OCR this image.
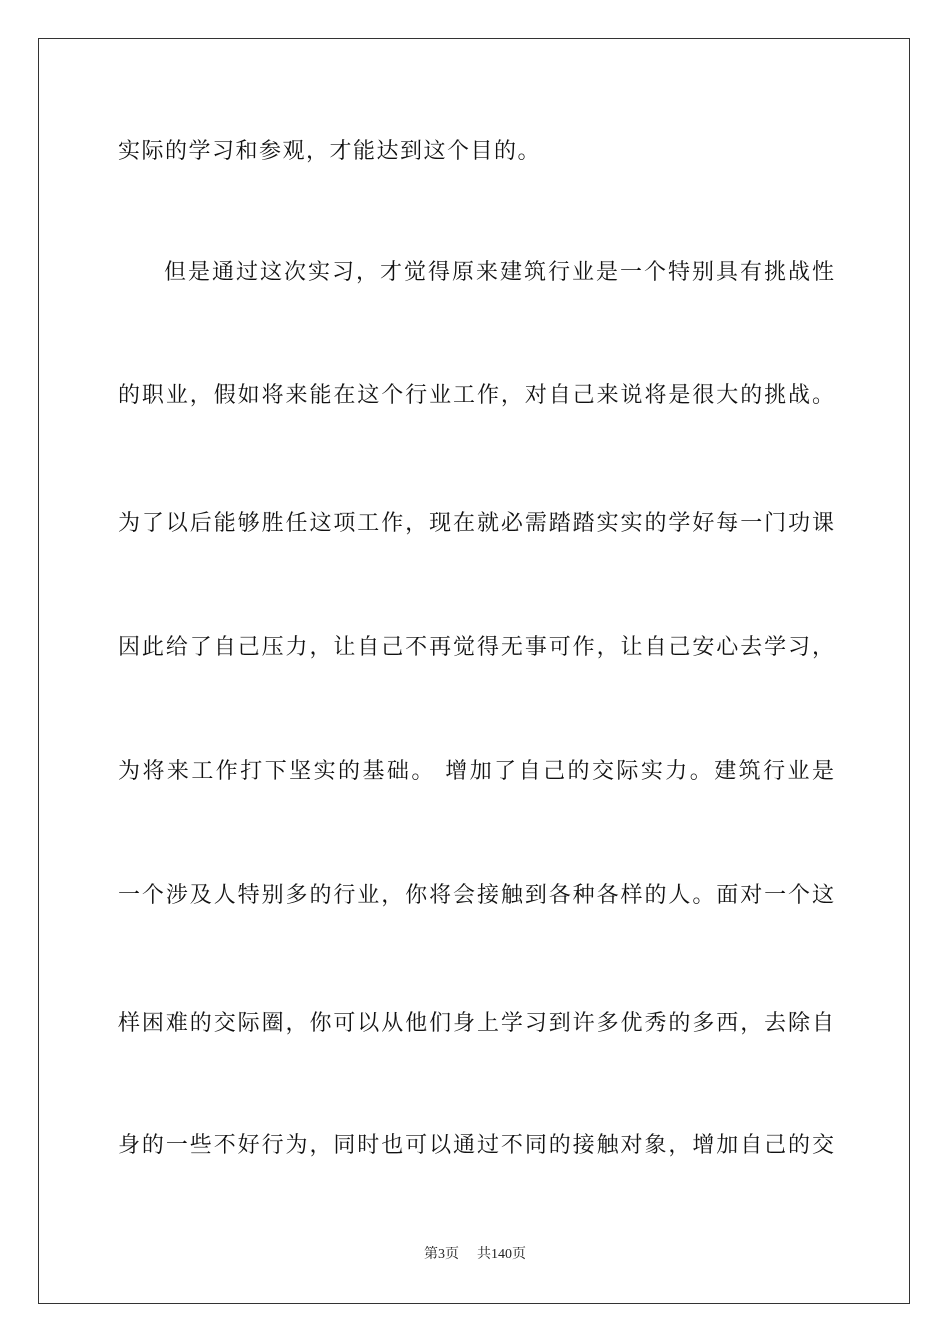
实际的学习和参观，才能达到这个目的。
但是通过这次实习，才觉得原来建筑行业是一个特别具有挑战性
的职业，假如将来能在这个行业工作，对自己来说将是很大的挑战。
为了以后能够胜任这项工作，现在就必需踏踏实实的学好每一门功课
因此给了自己压力，让自己不再觉得无事可作，让自己安心去学习，
为将来工作打下坚实的基础。 增加了自己的交际实力。建筑行业是
一个涉及人特别多的行业，你将会接触到各种各样的人。面对一个这
样困难的交际圈，你可以从他们身上学习到许多优秀的多西，去除自
身的一些不好行为，同时也可以通过不同的接触对象，增加自己的交
第3页 共140页
